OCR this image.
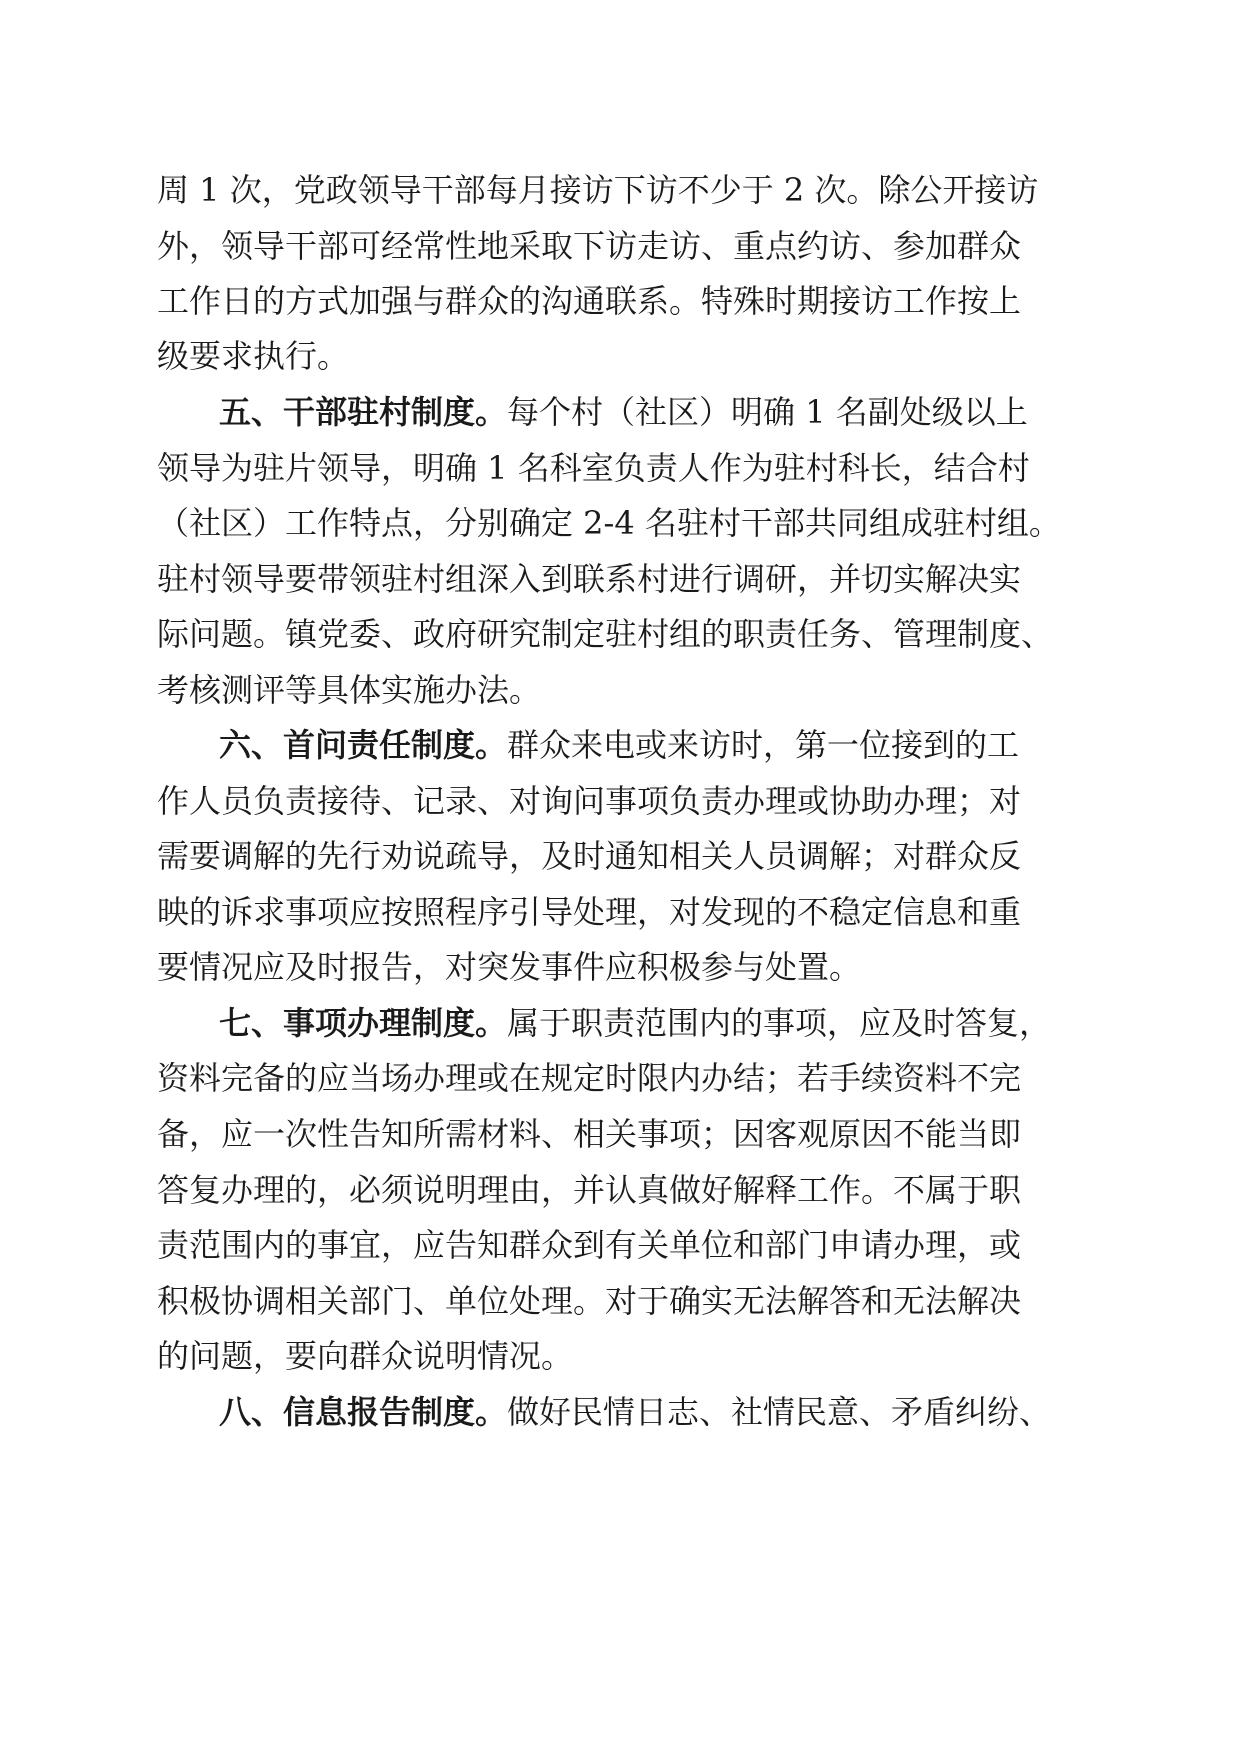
周 1 次，党政领导干部每月接访下访不少于 2 次。除公开接访
外，领导干部可经常性地采取下访走访、重点约访、参加群众
工作日的方式加强与群众的沟通联系。特殊时期接访工作按上
级要求执行。
五、干部驻村制度。每个村（社区）明确 1 名副处级以上
领导为驻片领导，明确 1 名科室负责人作为驻村科长，结合村
（社区）工作特点，分别确定 2-4 名驻村干部共同组成驻村组。
驻村领导要带领驻村组深入到联系村进行调研，并切实解决实
际问题。镇党委、政府研究制定驻村组的职责任务、管理制度、
考核测评等具体实施办法。
六、首问责任制度。群众来电或来访时，第一位接到的工
作人员负责接待、记录、对询问事项负责办理或协助办理；对
需要调解的先行劝说疏导，及时通知相关人员调解；对群众反
映的诉求事项应按照程序引导处理，对发现的不稳定信息和重
要情况应及时报告，对突发事件应积极参与处置。
七、事项办理制度。属于职责范围内的事项，应及时答复，
资料完备的应当场办理或在规定时限内办结；若手续资料不完
备，应一次性告知所需材料、相关事项；因客观原因不能当即
答复办理的，必须说明理由，并认真做好解释工作。不属于职
责范围内的事宜，应告知群众到有关单位和部门申请办理，或
积极协调相关部门、单位处理。对于确实无法解答和无法解决
的问题，要向群众说明情况。
八、信息报告制度。做好民情日志、社情民意、矛盾纠纷、
